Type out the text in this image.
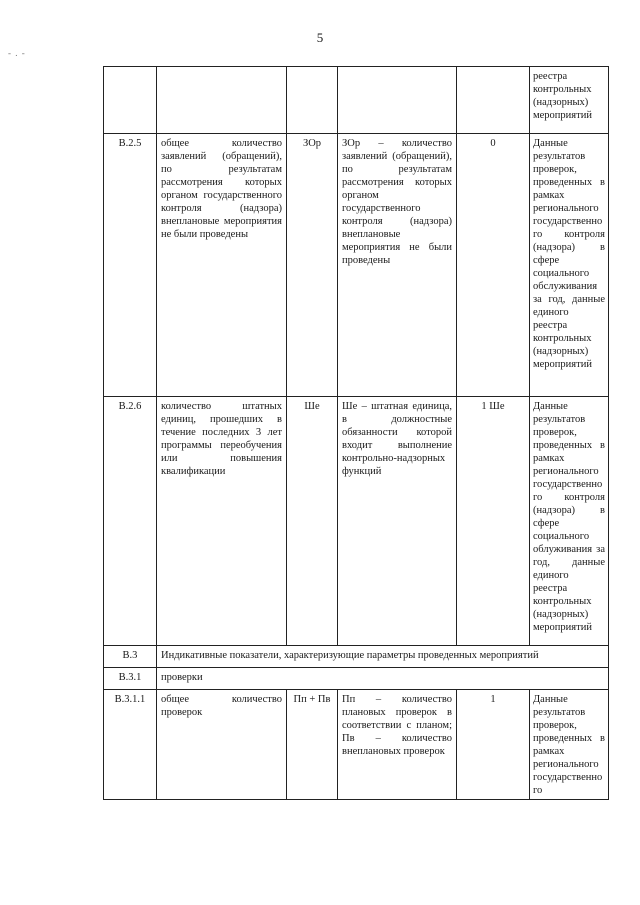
5
- . -
					реестра контрольных (надзорных) мероприятий
В.2.5	общее количество заявлений (обращений), по результатам рассмотрения которых органом государственного контроля (надзора) внеплановые мероприятия не были проведены	ЗОр	ЗОр – количество заявлений (обращений), по результатам рассмотрения которых органом государственного контроля (надзора) внеплановые мероприятия не были проведены	0	Данные результатов проверок, проведенных в рамках регионального государственного контроля (надзора) в сфере социального обслуживания за год, данные единого реестра контрольных (надзорных) мероприятий
В.2.6	количество штатных единиц, прошедших в течение последних 3 лет программы переобучения или повышения квалификации	Ше	Ше – штатная единица, в должностные обязанности которой входит выполнение контрольно-надзорных функций	1 Ше	Данные результатов проверок, проведенных в рамках регионального государственного контроля (надзора) в сфере социального облуживания за год, данные единого реестра контрольных (надзорных) мероприятий
В.3	Индикативные показатели, характеризующие параметры проведенных мероприятий				
В.3.1	проверки				
В.3.1.1	общее количество проверок	Пп + Пв	Пп – количество плановых проверок в соответствии с планом; Пв – количество внеплановых проверок	1	Данные результатов проверок, проведенных в рамках регионального государственного
